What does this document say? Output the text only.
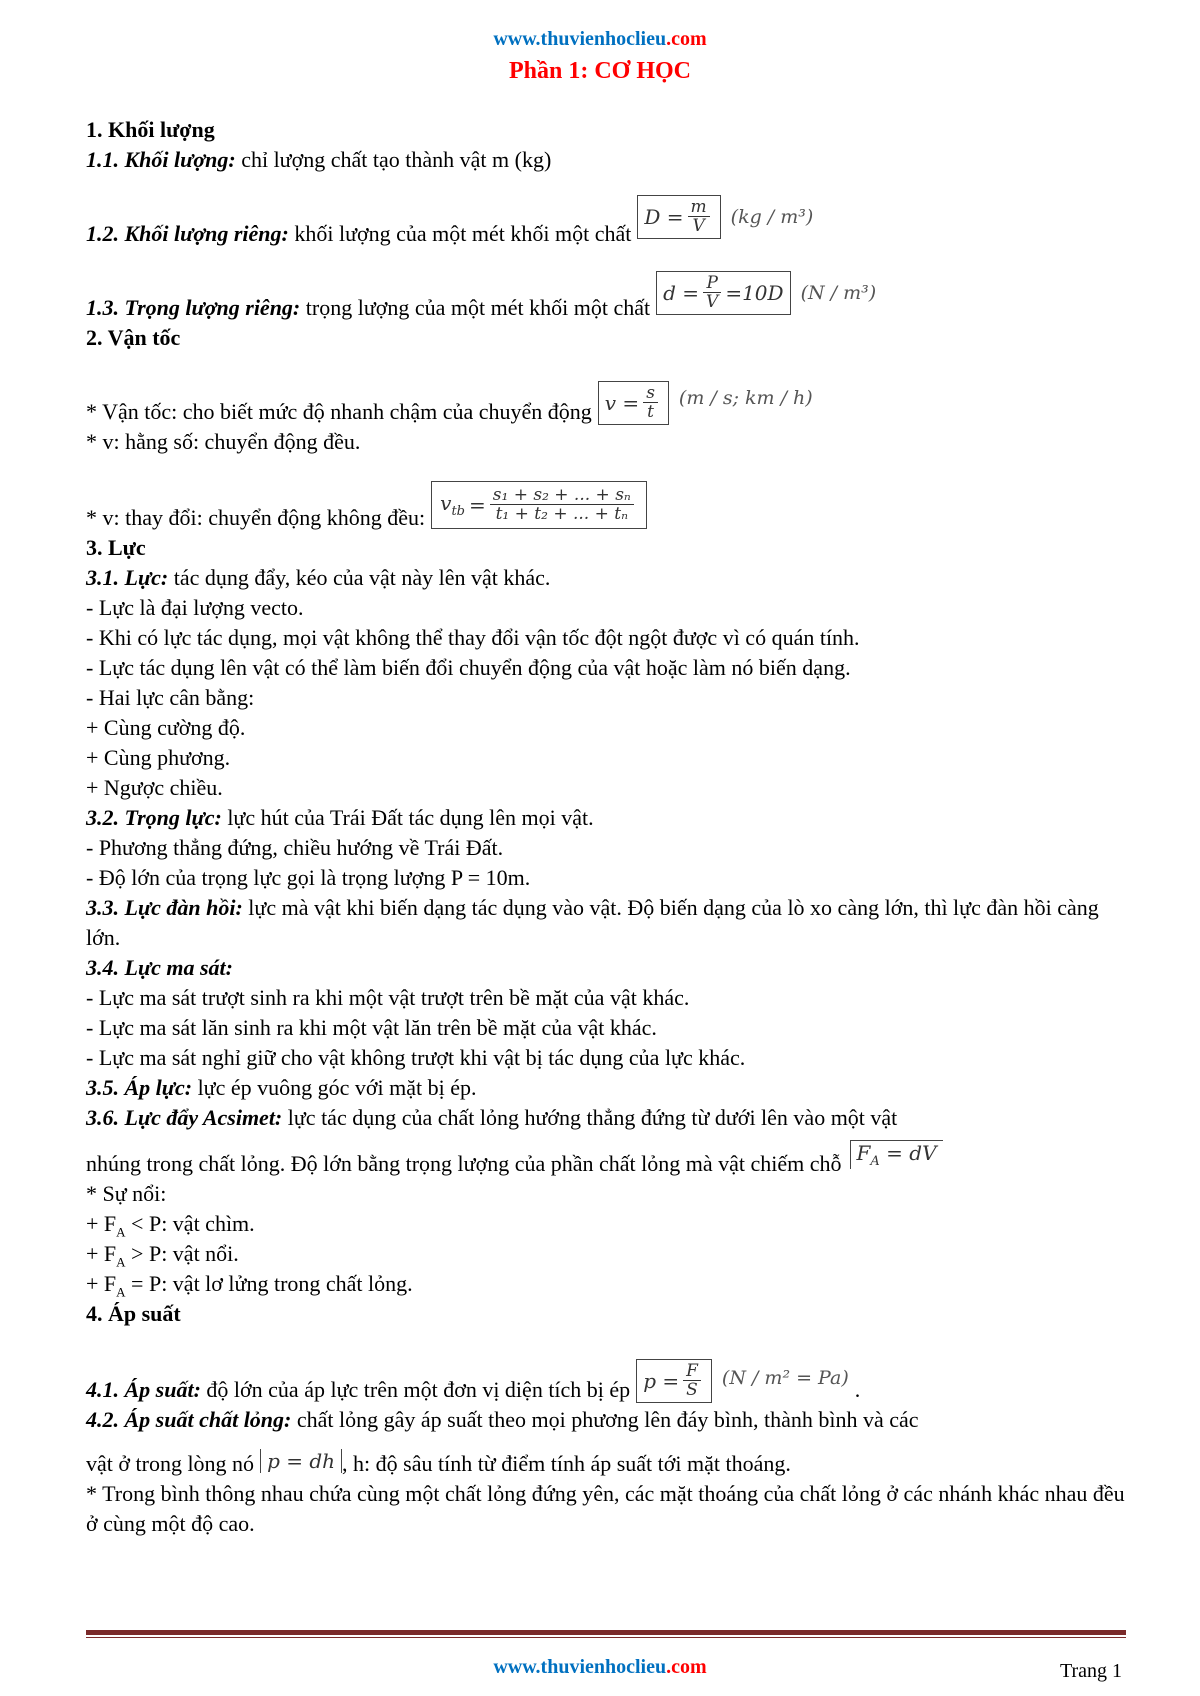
www.thuvienhoclieu.com
Phần 1: CƠ HỌC
1. Khối lượng
1.1. Khối lượng: chỉ lượng chất tạo thành vật m (kg)
1.2. Khối lượng riêng: khối lượng của một mét khối một chất
$D = \frac{m}{V} (kg / m^3)$
1.3. Trọng lượng riêng: trọng lượng của một mét khối một chất
$d = \frac{P}{V} =10D$ (N / m³)
2. Vận tốc
* Vận tốc: cho biết mức độ nhanh chậm của chuyển động $v = \frac{s}{t} (m / s$; km / h)
* v: hằng số: chuyển động đều.
* v: thay đổi: chuyển động không đều:
$v_{tb} = \frac{\text{s₁ + s₂ + ... + sₙ}}{\text{t₁ + t₂ + ... + tₙ}}$
3. Lực
3.1. Lực: tác dụng đẩy, kéo của vật này lên vật khác.
- Lực là đại lượng vecto.
- Khi có lực tác dụng, mọi vật không thể thay đổi vận tốc đột ngột được vì có quán tính.
- Lực tác dụng lên vật có thể làm biến đổi chuyển động của vật hoặc làm nó biến dạng.
- Hai lực cân bằng:
+ Cùng cường độ.
+ Cùng phương.
+ Ngược chiều.
3.2. Trọng lực: lực hút của Trái Đất tác dụng lên mọi vật.
- Phương thẳng đứng, chiều hướng về Trái Đất.
- Độ lớn của trọng lực gọi là trọng lượng P = 10m.
3.3. Lực đàn hồi: lực mà vật khi biến dạng tác dụng vào vật. Độ biến dạng của lò xo càng lớn, thì lực đàn hồi càng lớn.
3.4. Lực ma sát:
- Lực ma sát trượt sinh ra khi một vật trượt trên bề mặt của vật khác.
- Lực ma sát lăn sinh ra khi một vật lăn trên bề mặt của vật khác.
- Lực ma sát nghỉ giữ cho vật không trượt khi vật bị tác dụng của lực khác.
3.5. Áp lực: lực ép vuông góc với mặt bị ép.
3.6. Lực đẩy Acsimet: lực tác dụng của chất lỏng hướng thẳng đứng từ dưới lên vào một vật
nhúng trong chất lỏng. Độ lớn bằng trọng lượng của phần chất lỏng mà vật chiếm chỗ $F_A$ = dV
* Sự nổi:
+ $F_A < P$: vật chìm.
+ $F_A > P$: vật nổi.
+ $F_A = P$: vật lơ lửng trong chất lỏng.
4. Áp suất
4.1. Áp suất: độ lớn của áp lực trên một đơn vị diện tích bị ép $p = \frac{F}{S} (N / m^2 = Pa)$ .
4.2. Áp suất chất lỏng: chất lỏng gây áp suất theo mọi phương lên đáy bình, thành bình và các
vật ở trong lòng nó p = dh , h: độ sâu tính từ điểm tính áp suất tới mặt thoáng.
* Trong bình thông nhau chứa cùng một chất lỏng đứng yên, các mặt thoáng của chất lỏng ở các nhánh khác nhau đều ở cùng một độ cao.
www.thuvienhoclieu.com	Trang 1
